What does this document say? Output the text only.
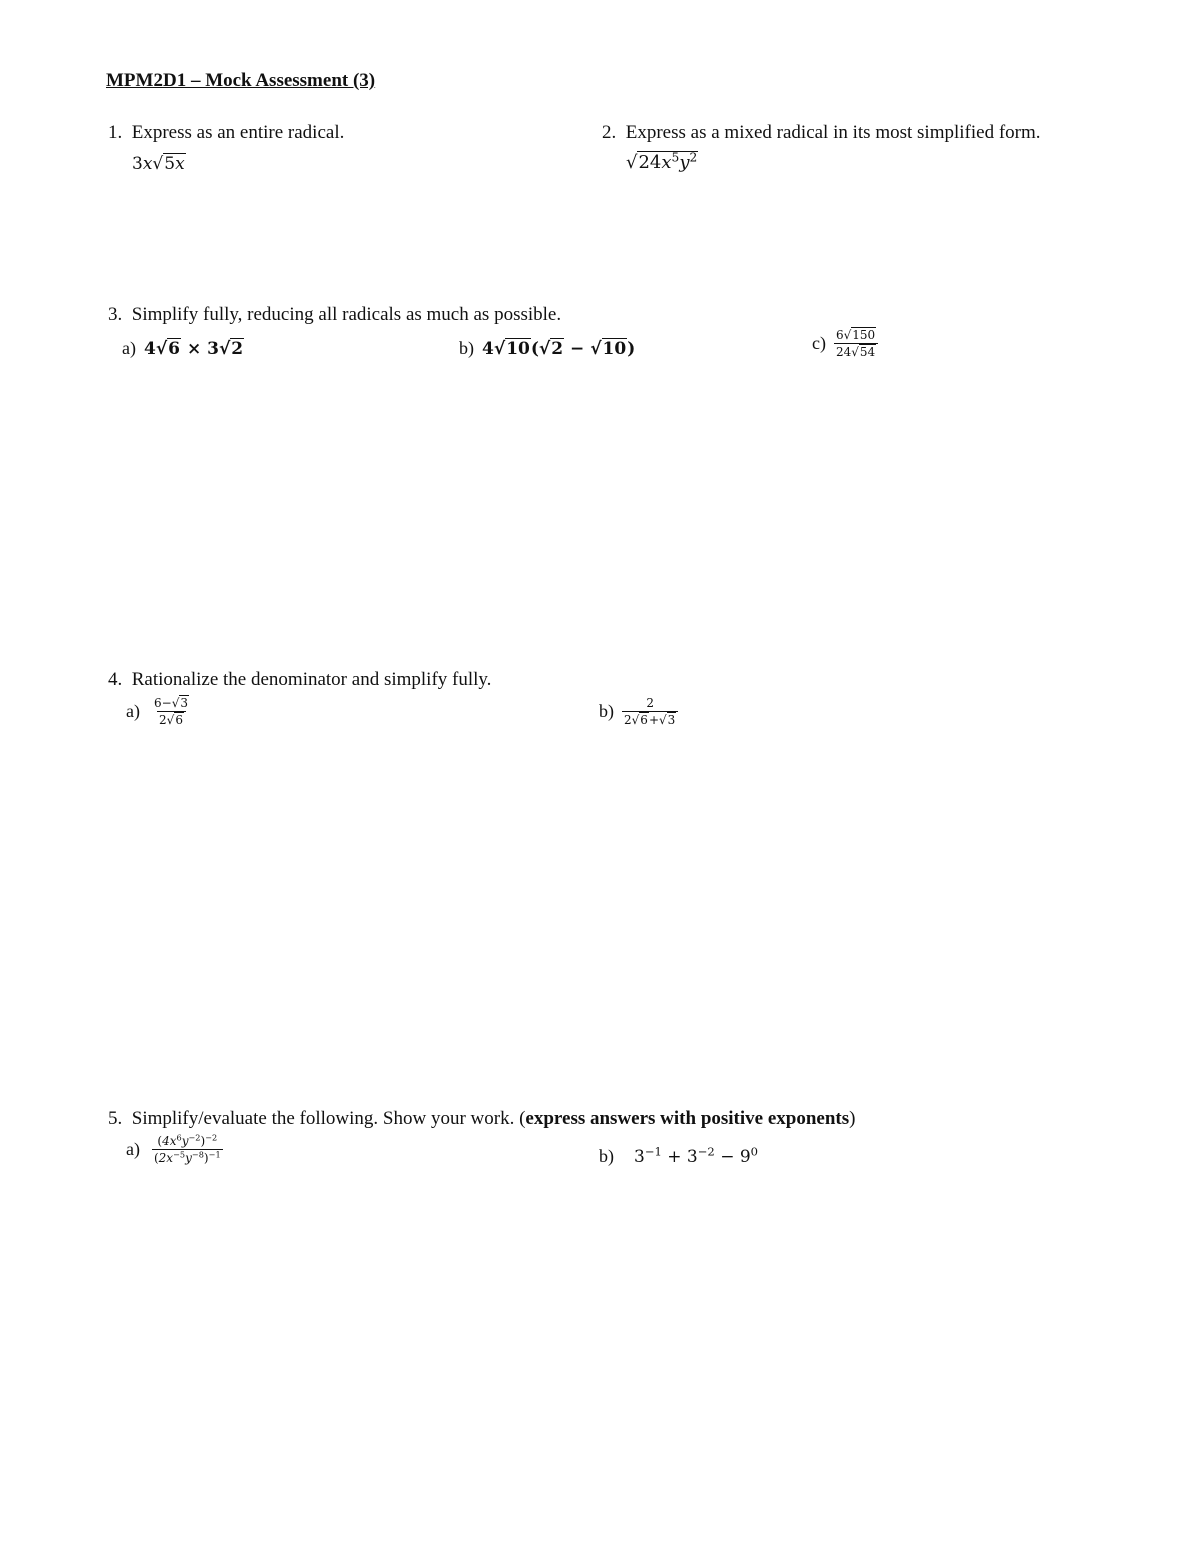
MPM2D1 – Mock Assessment (3)
1. Express as an entire radical.
3x√5x
2. Express as a mixed radical in its most simplified form.
$√24x^5y^2$
3. Simplify fully, reducing all radicals as much as possible.
a) 4√6 × 3√2	b) 4√10(√2 − √10)	$c) \frac{6√150}{24√54}$
4. Rationalize the denominator and simplify fully.
$a) \frac{6-√3}{2√6}$	$b) \frac{2}{2√6+√3}$
5. Simplify/evaluate the following. Show your work. (express answers with positive exponents)
$a) \frac{(4x^6y^{-2})^{-2}}{(2x^{-5}y^{-8})^{-1}}$	b) $3^{-1} + 3^{-2} - 9^0$
